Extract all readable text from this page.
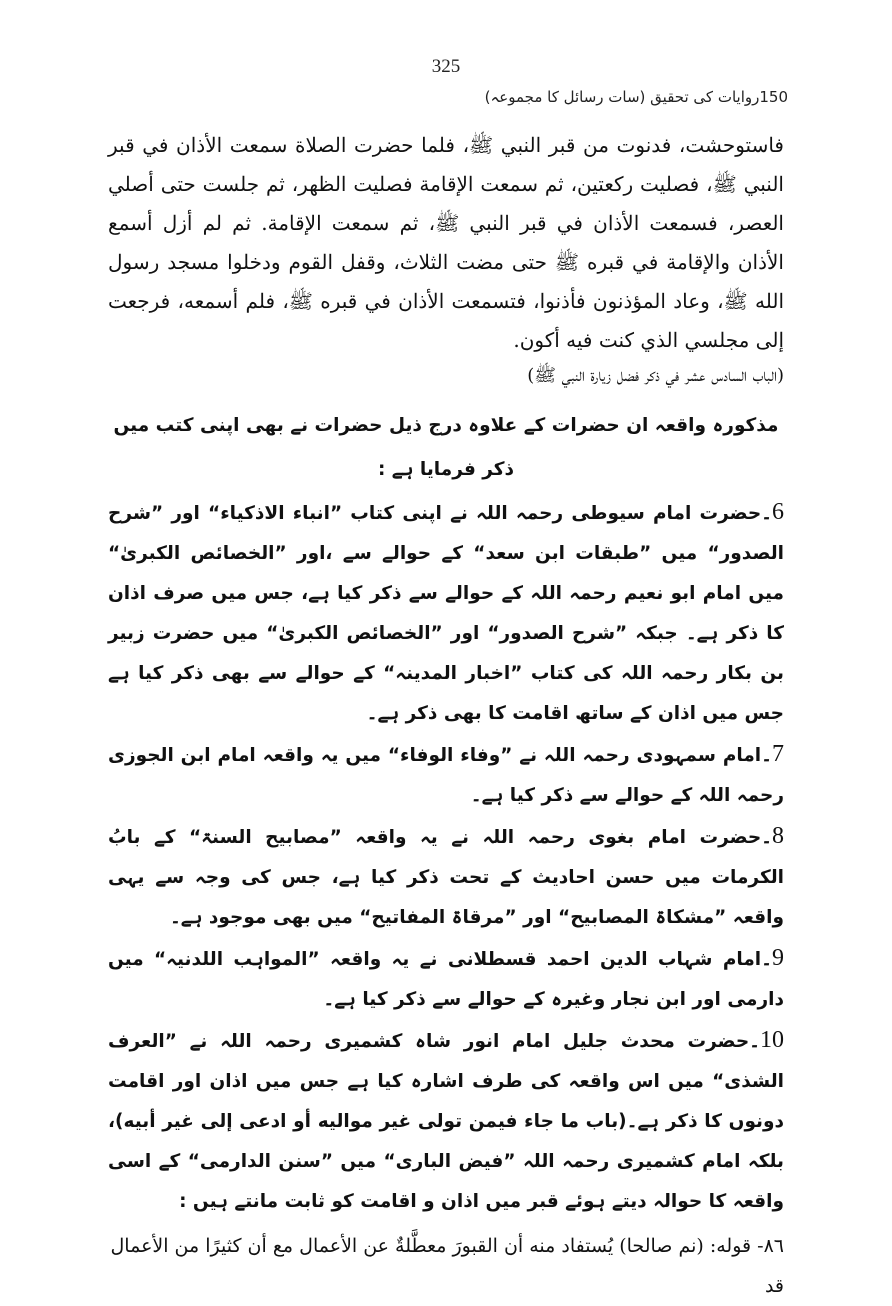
325
150روایات کی تحقیق (سات رسائل کا مجموعہ)

فاستوحشت، فدنوت من قبر النبي ﷺ، فلما حضرت الصلاة سمعت الأذان في قبر النبي ﷺ، فصليت ركعتين، ثم سمعت الإقامة فصليت الظهر، ثم جلست حتى أصلي العصر، فسمعت الأذان في قبر النبي ﷺ، ثم سمعت الإقامة. ثم لم أزل أسمع الأذان والإقامة في قبره ﷺ حتى مضت الثلاث، وقفل القوم ودخلوا مسجد رسول الله ﷺ، وعاد المؤذنون فأذنوا، فتسمعت الأذان في قبره ﷺ، فلم أسمعه، فرجعت إلى مجلسي الذي كنت فيه أكون.

(الباب السادس عشر في ذكر فضل زيارة النبي ﷺ)

مذکورہ واقعہ ان حضرات کے علاوہ درج ذیل حضرات نے بھی اپنی کتب میں ذکر فرمایا ہے :

6۔حضرت امام سیوطی رحمہ اللہ نے اپنی کتاب ”انباء الاذکیاء“ اور ”شرح الصدور“ میں ”طبقات ابن سعد“ کے حوالے سے ،اور ”الخصائص الکبریٰ“ میں امام ابو نعیم رحمہ اللہ کے حوالے سے ذکر کیا ہے، جس میں صرف اذان کا ذکر ہے۔ جبکہ ”شرح الصدور“ اور ”الخصائص الکبریٰ“ میں حضرت زبیر بن بکار رحمہ اللہ کی کتاب ”اخبار المدینہ“ کے حوالے سے بھی ذکر کیا ہے جس میں اذان کے ساتھ اقامت کا بھی ذکر ہے۔

7۔امام سمہودی رحمہ اللہ نے ”وفاء الوفاء“ میں یہ واقعہ امام ابن الجوزی رحمہ اللہ کے حوالے سے ذکر کیا ہے۔

8۔حضرت امام بغوی رحمہ اللہ نے یہ واقعہ ”مصابیح السنۃ“ کے بابُ الکرمات میں حسن احادیث کے تحت ذکر کیا ہے، جس کی وجہ سے یہی واقعہ ”مشکاۃ المصابیح“ اور ”مرقاۃ المفاتیح“ میں بھی موجود ہے۔

9۔امام شہاب الدین احمد قسطلانی نے یہ واقعہ ”المواہب اللدنیہ“ میں دارمی اور ابن نجار وغیرہ کے حوالے سے ذکر کیا ہے۔

10۔حضرت محدث جلیل امام انور شاہ کشمیری رحمہ اللہ نے ”العرف الشذی“ میں اس واقعہ کی طرف اشارہ کیا ہے جس میں اذان اور اقامت دونوں کا ذکر ہے۔(باب ما جاء فيمن تولى غير مواليه أو ادعى إلى غير أبيه)، بلکہ امام کشمیری رحمہ اللہ ”فیض الباری“ میں ”سنن الدارمی“ کے اسی واقعہ کا حوالہ دیتے ہوئے قبر میں اذان و اقامت کو ثابت مانتے ہیں :

٨٦- قوله: (نم صالحا) يُستفاد منه أن القبورَ معطَّلةٌ عن الأعمال مع أن كثيرًا من الأعمال قد
